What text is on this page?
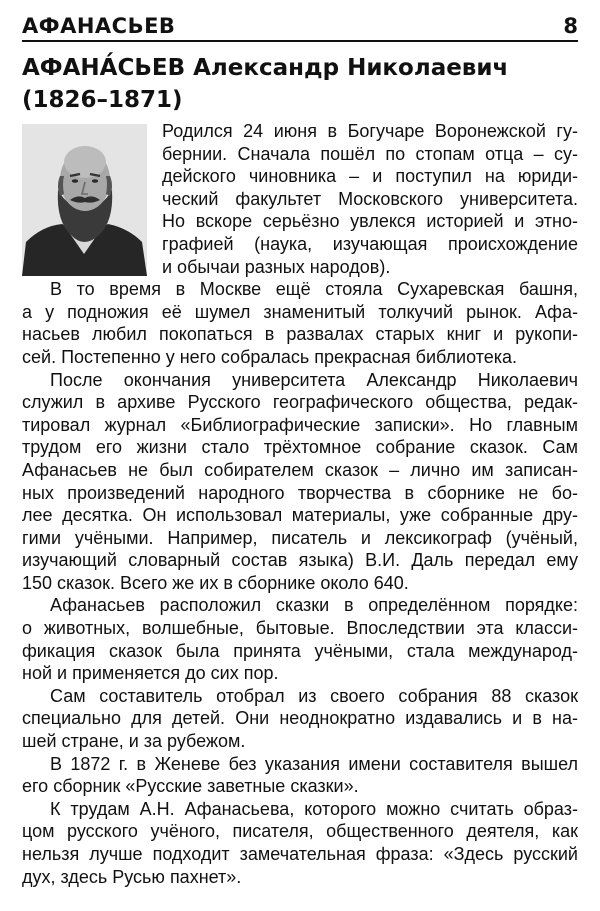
АФАНАСЬЕВ	8
АФАНА́СЬЕВ Александр Николаевич
(1826–1871)
Родился 24 июня в Богучаре Воронежской гу-
бернии. Сначала пошёл по стопам отца – су-
дейского чиновника – и поступил на юриди-
ческий факультет Московского университета.
Но вскоре серьёзно увлекся историей и этно-
графией (наука, изучающая происхождение
и обычаи разных народов).
В то время в Москве ещё стояла Сухаревская башня,
а у подножия её шумел знаменитый толкучий рынок. Афа-
насьев любил покопаться в развалах старых книг и рукопи-
сей. Постепенно у него собралась прекрасная библиотека.
После окончания университета Александр Николаевич
служил в архиве Русского географического общества, редак-
тировал журнал «Библиографические записки». Но главным
трудом его жизни стало трёхтомное собрание сказок. Сам
Афанасьев не был собирателем сказок – лично им записан-
ных произведений народного творчества в сборнике не бо-
лее десятка. Он использовал материалы, уже собранные дру-
гими учёными. Например, писатель и лексикограф (учёный,
изучающий словарный состав языка) В.И. Даль передал ему
150 сказок. Всего же их в сборнике около 640.
Афанасьев расположил сказки в определённом порядке:
о животных, волшебные, бытовые. Впоследствии эта класси-
фикация сказок была принята учёными, стала международ-
ной и применяется до сих пор.
Сам составитель отобрал из своего собрания 88 сказок
специально для детей. Они неоднократно издавались и в на-
шей стране, и за рубежом.
В 1872 г. в Женеве без указания имени составителя вышел
его сборник «Русские заветные сказки».
К трудам А.Н. Афанасьева, которого можно считать образ-
цом русского учёного, писателя, общественного деятеля, как
нельзя лучше подходит замечательная фраза: «Здесь русский
дух, здесь Русью пахнет».
